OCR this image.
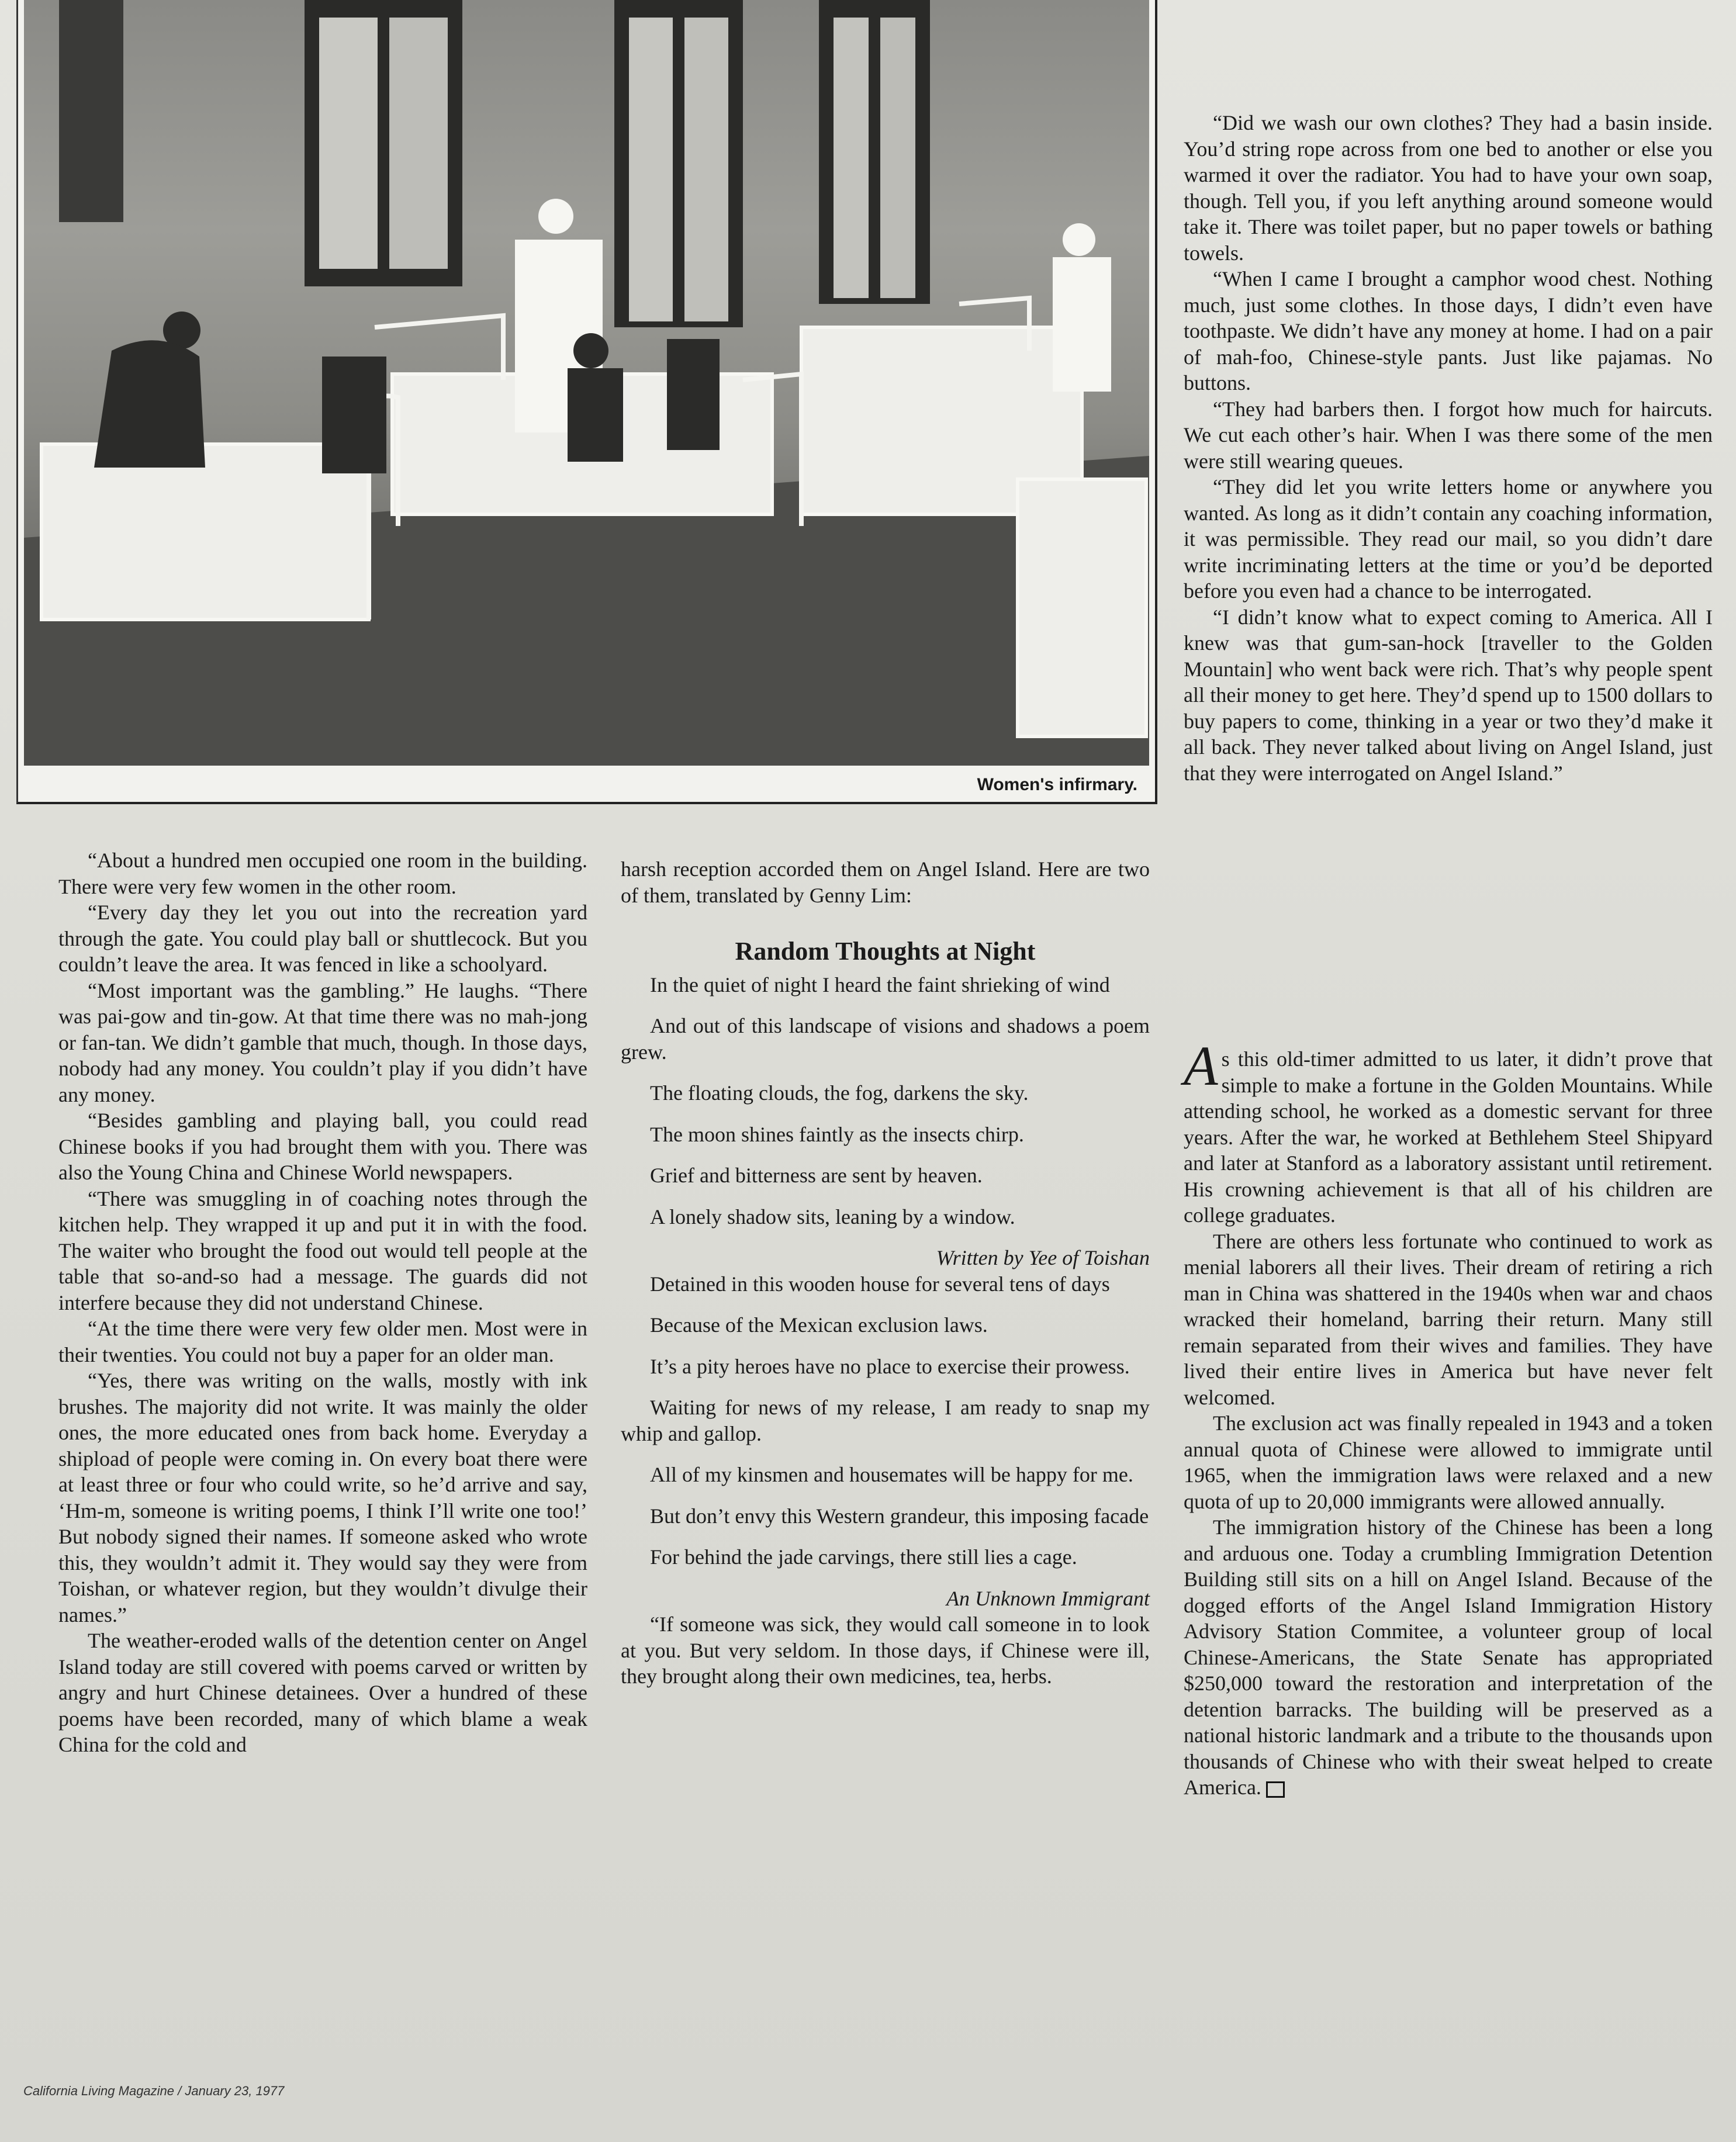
Women's infirmary.

“Did we wash our own clothes? They had a basin inside. You’d string rope across from one bed to another or else you warmed it over the radiator. You had to have your own soap, though. Tell you, if you left anything around someone would take it. There was toilet paper, but no paper towels or bathing towels.

“When I came I brought a camphor wood chest. Nothing much, just some clothes. In those days, I didn’t even have toothpaste. We didn’t have any money at home. I had on a pair of mah-foo, Chinese-style pants. Just like pajamas. No buttons.

“They had barbers then. I forgot how much for haircuts. We cut each other’s hair. When I was there some of the men were still wearing queues.

“They did let you write letters home or anywhere you wanted. As long as it didn’t contain any coaching information, it was permissible. They read our mail, so you didn’t dare write incriminating letters at the time or you’d be deported before you even had a chance to be interrogated.

“I didn’t know what to expect coming to America. All I knew was that gum-san-hock [traveller to the Golden Mountain] who went back were rich. That’s why people spent all their money to get here. They’d spend up to 1500 dollars to buy papers to come, thinking in a year or two they’d make it all back. They never talked about living on Angel Island, just that they were interrogated on Angel Island.”

“About a hundred men occupied one room in the building. There were very few women in the other room.

“Every day they let you out into the recreation yard through the gate. You could play ball or shuttlecock. But you couldn’t leave the area. It was fenced in like a schoolyard.

“Most important was the gambling.” He laughs. “There was pai-gow and tin-gow. At that time there was no mah-jong or fan-tan. We didn’t gamble that much, though. In those days, nobody had any money. You couldn’t play if you didn’t have any money.

“Besides gambling and playing ball, you could read Chinese books if you had brought them with you. There was also the Young China and Chinese World newspapers.

“There was smuggling in of coaching notes through the kitchen help. They wrapped it up and put it in with the food. The waiter who brought the food out would tell people at the table that so-and-so had a message. The guards did not interfere because they did not understand Chinese.

“At the time there were very few older men. Most were in their twenties. You could not buy a paper for an older man.

“Yes, there was writing on the walls, mostly with ink brushes. The majority did not write. It was mainly the older ones, the more educated ones from back home. Everyday a shipload of people were coming in. On every boat there were at least three or four who could write, so he’d arrive and say, ‘Hm-m, someone is writing poems, I think I’ll write one too!’ But nobody signed their names. If someone asked who wrote this, they wouldn’t admit it. They would say they were from Toishan, or whatever region, but they wouldn’t divulge their names.”

The weather-eroded walls of the detention center on Angel Island today are still covered with poems carved or written by angry and hurt Chinese detainees. Over a hundred of these poems have been recorded, many of which blame a weak China for the cold and

harsh reception accorded them on Angel Island. Here are two of them, translated by Genny Lim:

Random Thoughts at Night

In the quiet of night I heard the faint shrieking of wind

And out of this landscape of visions and shadows a poem grew.

The floating clouds, the fog, darkens the sky.

The moon shines faintly as the insects chirp.

Grief and bitterness are sent by heaven.

A lonely shadow sits, leaning by a window.

Written by Yee of Toishan

Detained in this wooden house for several tens of days

Because of the Mexican exclusion laws.

It’s a pity heroes have no place to exercise their prowess.

Waiting for news of my release, I am ready to snap my whip and gallop.

All of my kinsmen and housemates will be happy for me.

But don’t envy this Western grandeur, this imposing facade

For behind the jade carvings, there still lies a cage.

An Unknown Immigrant

“If someone was sick, they would call someone in to look at you. But very seldom. In those days, if Chinese were ill, they brought along their own medicines, tea, herbs.

As this old-timer admitted to us later, it didn’t prove that simple to make a fortune in the Golden Mountains. While attending school, he worked as a domestic servant for three years. After the war, he worked at Bethlehem Steel Shipyard and later at Stanford as a laboratory assistant until retirement. His crowning achievement is that all of his children are college graduates.

There are others less fortunate who continued to work as menial laborers all their lives. Their dream of retiring a rich man in China was shattered in the 1940s when war and chaos wracked their homeland, barring their return. Many still remain separated from their wives and families. They have lived their entire lives in America but have never felt welcomed.

The exclusion act was finally repealed in 1943 and a token annual quota of Chinese were allowed to immigrate until 1965, when the immigration laws were relaxed and a new quota of up to 20,000 immigrants were allowed annually.

The immigration history of the Chinese has been a long and arduous one. Today a crumbling Immigration Detention Building still sits on a hill on Angel Island. Because of the dogged efforts of the Angel Island Immigration History Advisory Station Commitee, a volunteer group of local Chinese-Americans, the State Senate has appropriated $250,000 toward the restoration and interpretation of the detention barracks. The building will be preserved as a national historic landmark and a tribute to the thousands upon thousands of Chinese who with their sweat helped to create America.

California Living Magazine / January 23, 1977
